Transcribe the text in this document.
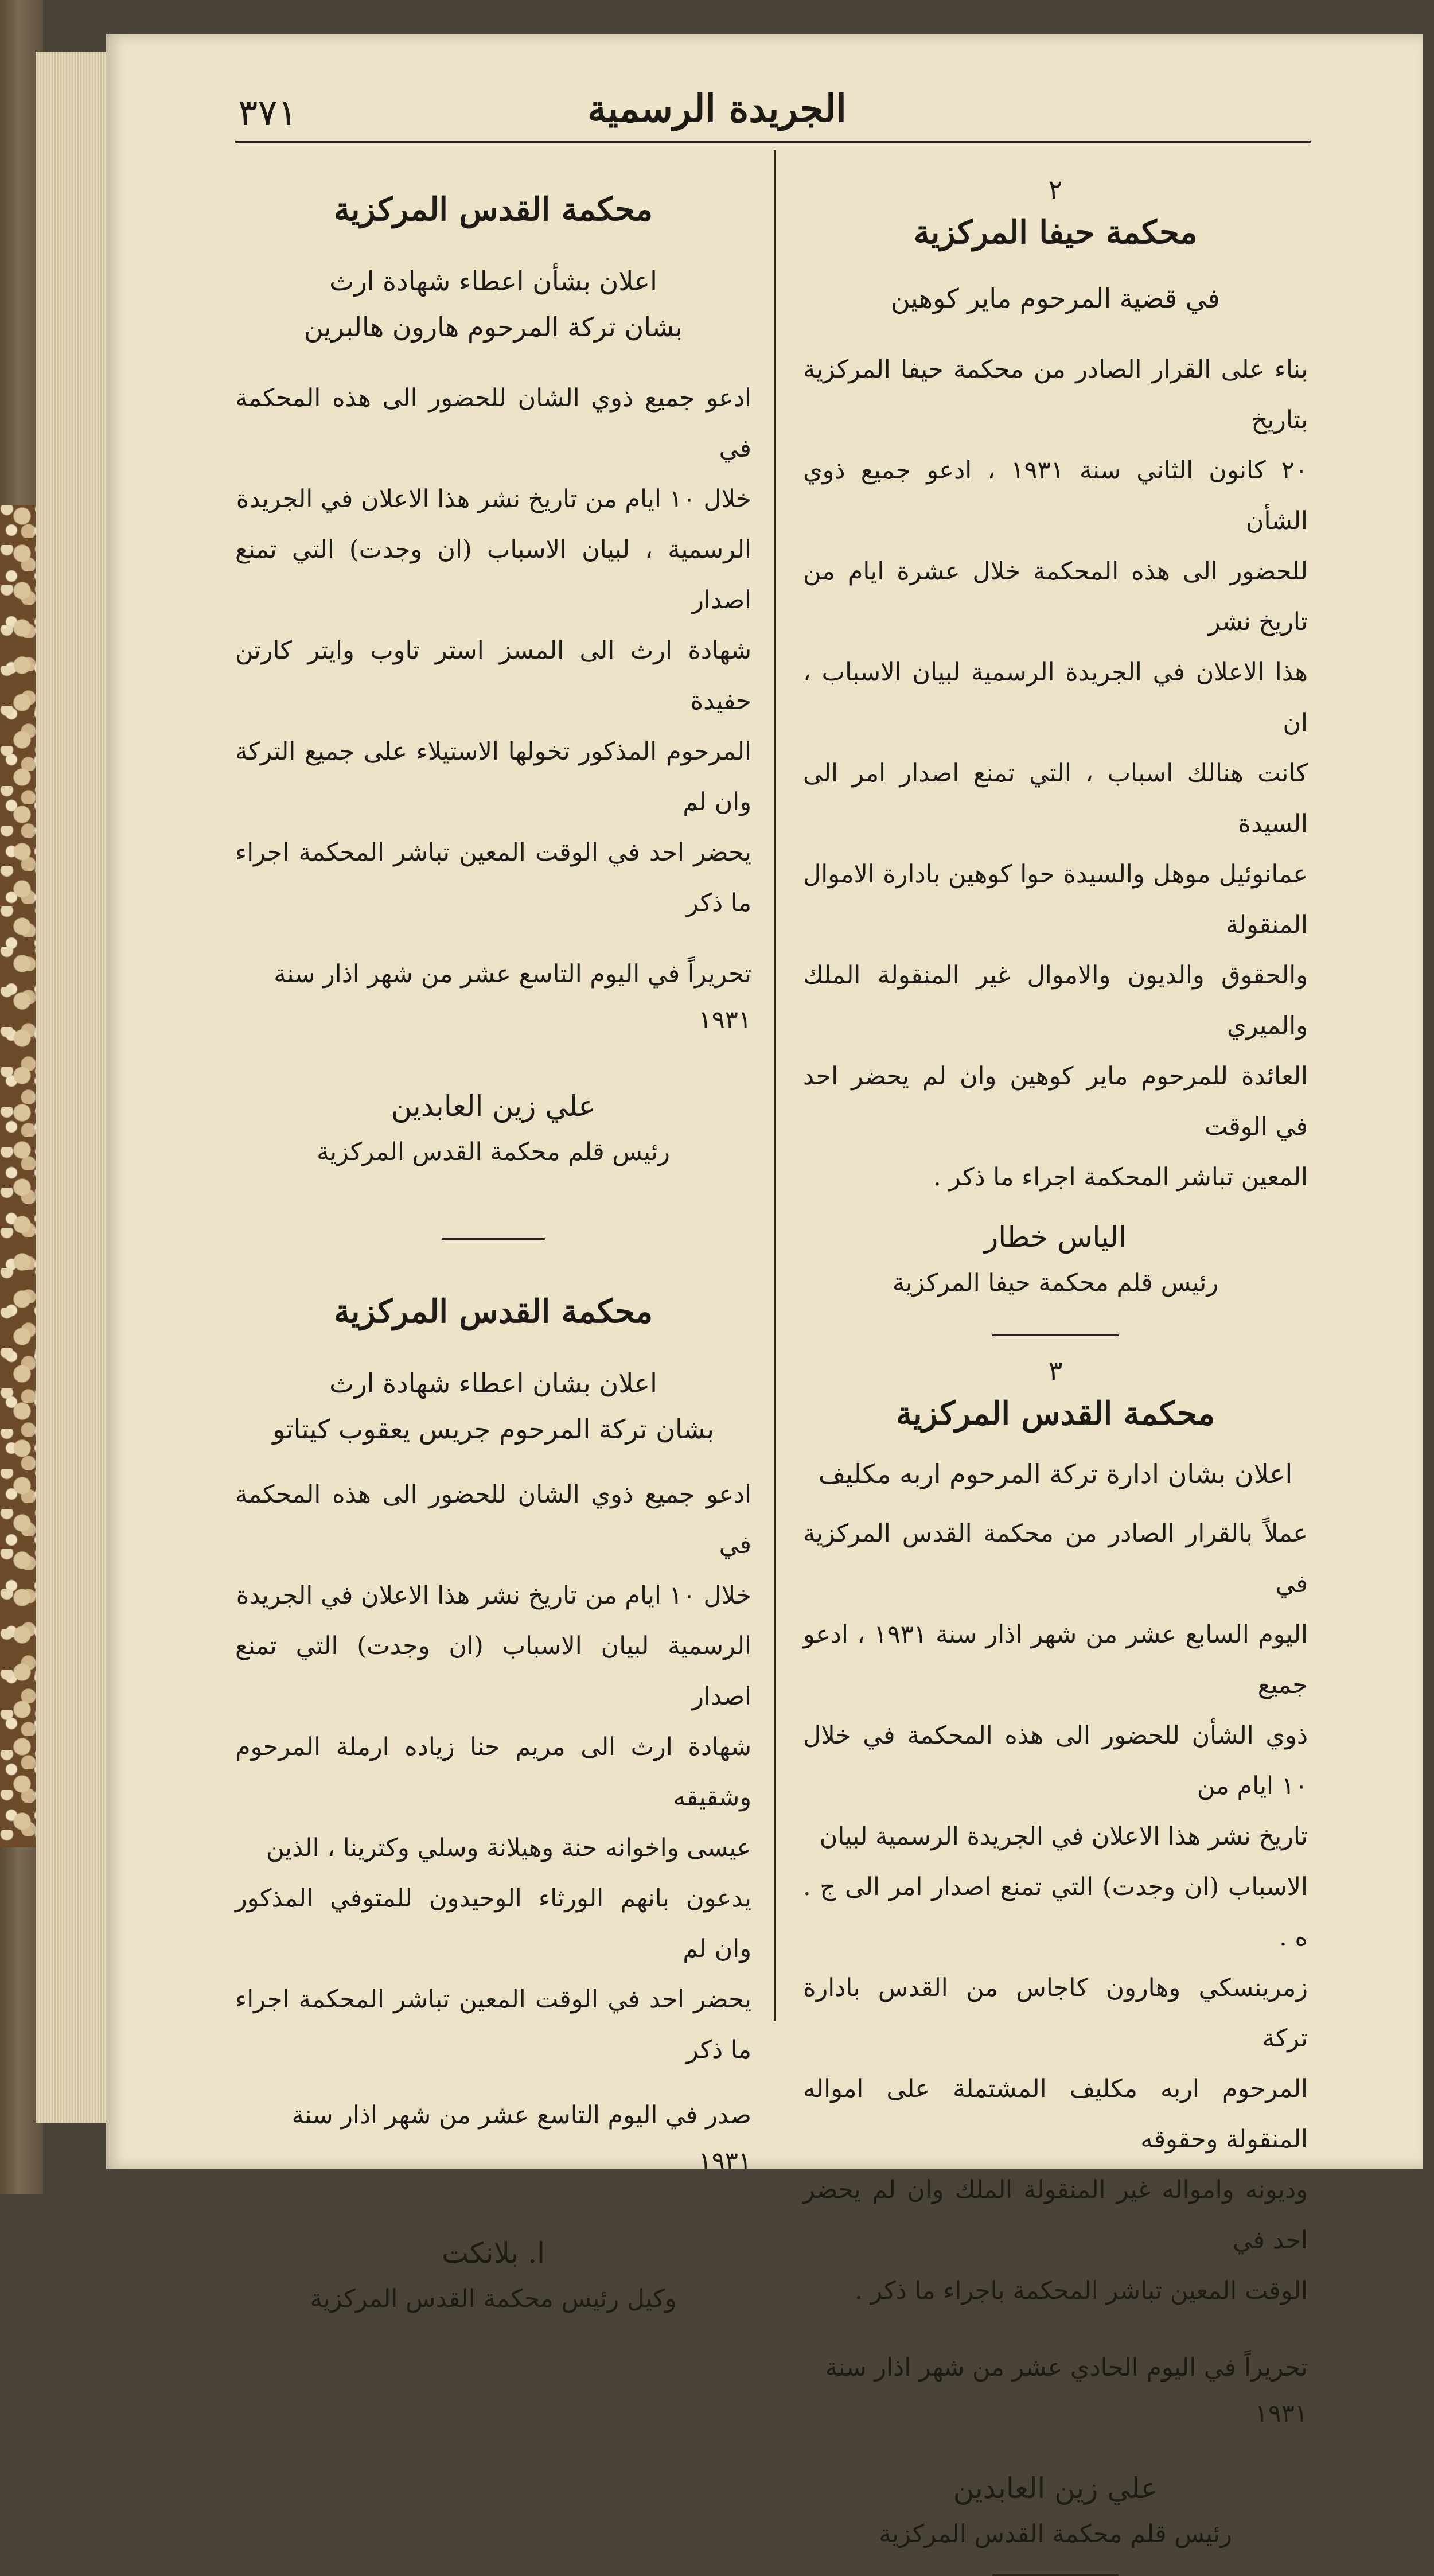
٣٧١	الجريدة الرسمية
٢
محكمة حيفا المركزية
في قضية المرحوم ماير كوهين
بناء على القرار الصادر من محكمة حيفا المركزية بتاريخ
٢٠ كانون الثاني سنة ١٩٣١ ، ادعو جميع ذوي الشأن
للحضور الى هذه المحكمة خلال عشرة ايام من تاريخ نشر
هذا الاعلان في الجريدة الرسمية لبيان الاسباب ، ان
كانت هنالك اسباب ، التي تمنع اصدار امر الى السيدة
عمانوئيل موهل والسيدة حوا كوهين بادارة الاموال المنقولة
والحقوق والديون والاموال غير المنقولة الملك والميري
العائدة للمرحوم ماير كوهين وان لم يحضر احد في الوقت
المعين تباشر المحكمة اجراء ما ذكر .
الياس خطار
رئيس قلم محكمة حيفا المركزية
٣
محكمة القدس المركزية
اعلان بشان ادارة تركة المرحوم اربه مكليف
عملاً بالقرار الصادر من محكمة القدس المركزية في
اليوم السابع عشر من شهر اذار سنة ١٩٣١ ، ادعو جميع
ذوي الشأن للحضور الى هذه المحكمة في خلال ١٠ ايام من
تاريخ نشر هذا الاعلان في الجريدة الرسمية لبيان
الاسباب (ان وجدت) التي تمنع اصدار امر الى ج . ه .
زمرينسكي وهارون كاجاس من القدس بادارة تركة
المرحوم اربه مكليف المشتملة على امواله المنقولة وحقوقه
وديونه وامواله غير المنقولة الملك وان لم يحضر احد في
الوقت المعين تباشر المحكمة باجراء ما ذكر .
تحريراً في اليوم الحادي عشر من شهر اذار سنة ١٩٣١
علي زين العابدين
رئيس قلم محكمة القدس المركزية
محكمة القدس المركزية
اعلان بشأن اعطاء شهادة ارث
بشان تركة المرحوم هارون هالبرين
ادعو جميع ذوي الشان للحضور الى هذه المحكمة في
خلال ١٠ ايام من تاريخ نشر هذا الاعلان في الجريدة
الرسمية ، لبيان الاسباب (ان وجدت) التي تمنع اصدار
شهادة ارث الى المسز استر تاوب وايتر كارتن حفيدة
المرحوم المذكور تخولها الاستيلاء على جميع التركة وان لم
يحضر احد في الوقت المعين تباشر المحكمة اجراء ما ذكر
تحريراً في اليوم التاسع عشر من شهر اذار سنة ١٩٣١
علي زين العابدين
رئيس قلم محكمة القدس المركزية
محكمة القدس المركزية
اعلان بشان اعطاء شهادة ارث
بشان تركة المرحوم جريس يعقوب كيتاتو
ادعو جميع ذوي الشان للحضور الى هذه المحكمة في
خلال ١٠ ايام من تاريخ نشر هذا الاعلان في الجريدة
الرسمية لبيان الاسباب (ان وجدت) التي تمنع اصدار
شهادة ارث الى مريم حنا زياده ارملة المرحوم وشقيقه
عيسى واخوانه حنة وهيلانة وسلي وكترينا ، الذين
يدعون بانهم الورثاء الوحيدون للمتوفي المذكور وان لم
يحضر احد في الوقت المعين تباشر المحكمة اجراء ما ذكر
صدر في اليوم التاسع عشر من شهر اذار سنة ١٩٣١
ا. بلانكت
وكيل رئيس محكمة القدس المركزية
